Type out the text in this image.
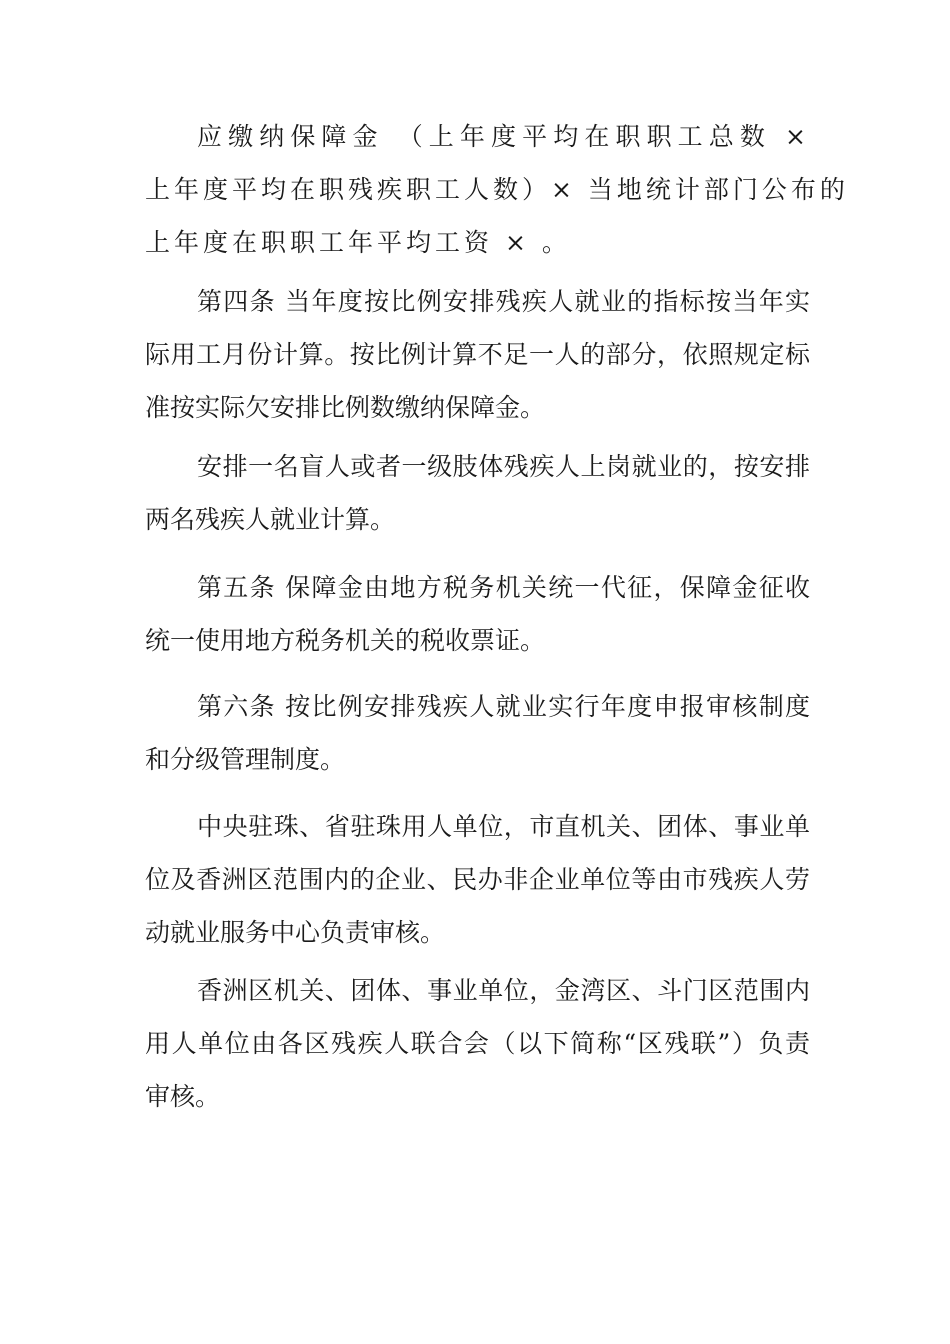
应缴纳保障金 （上年度平均在职职工总数 ×
上年度平均在职残疾职工人数）× 当地统计部门公布的
上年度在职职工年平均工资 × 。
第四条 当年度按比例安排残疾人就业的指标按当年实
际用工月份计算。按比例计算不足一人的部分，依照规定标
准按实际欠安排比例数缴纳保障金。
安排一名盲人或者一级肢体残疾人上岗就业的，按安排
两名残疾人就业计算。
第五条 保障金由地方税务机关统一代征，保障金征收
统一使用地方税务机关的税收票证。
第六条 按比例安排残疾人就业实行年度申报审核制度
和分级管理制度。
中央驻珠、省驻珠用人单位，市直机关、团体、事业单
位及香洲区范围内的企业、民办非企业单位等由市残疾人劳
动就业服务中心负责审核。
香洲区机关、团体、事业单位，金湾区、斗门区范围内
用人单位由各区残疾人联合会（以下简称“区残联”）负责
审核。
